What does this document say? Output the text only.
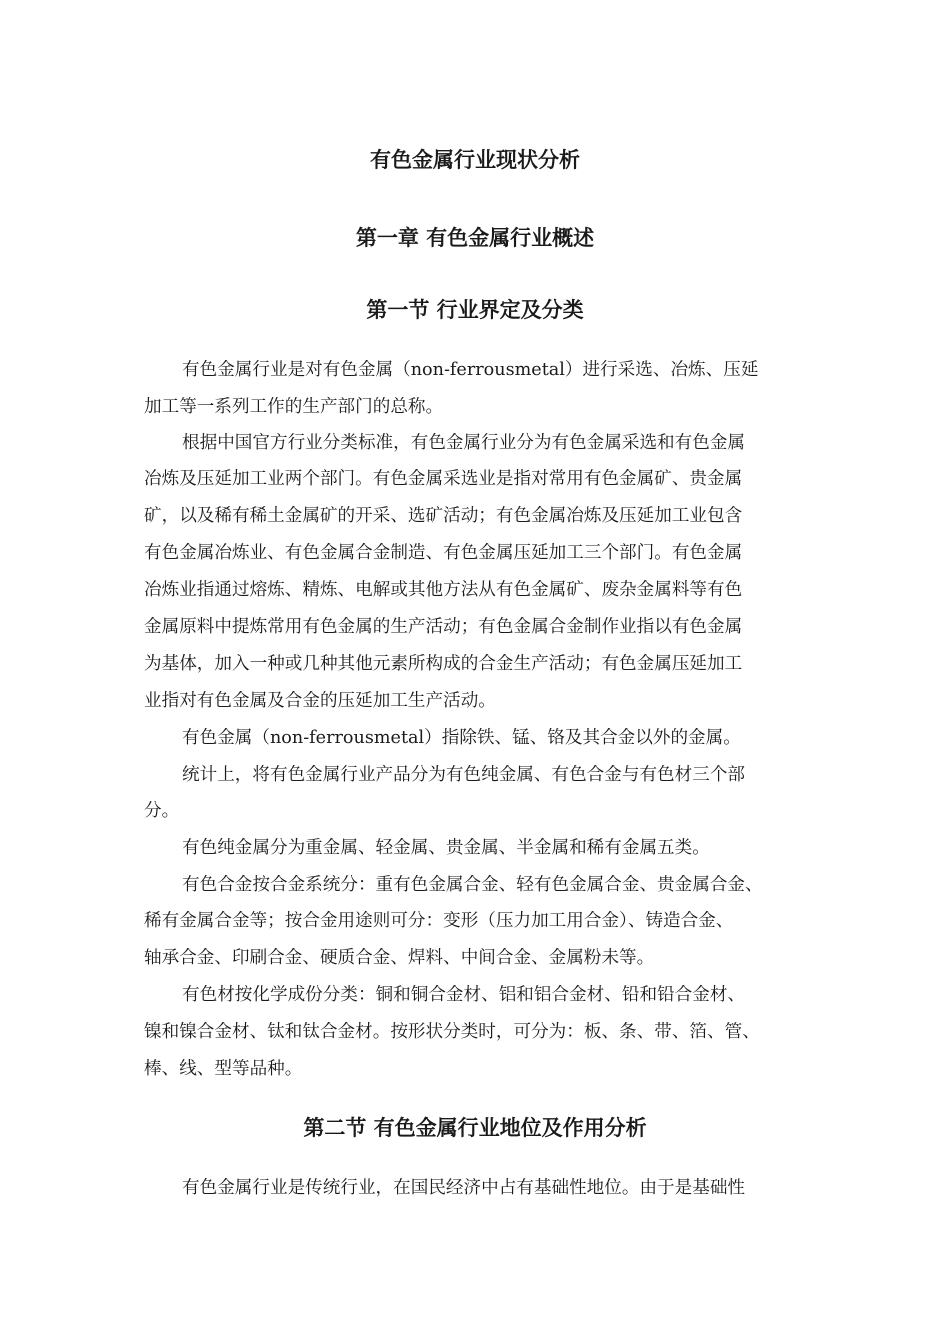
有色金属行业现状分析
第一章 有色金属行业概述
第一节 行业界定及分类

有色金属行业是对有色金属（non-ferrousmetal）进行采选、冶炼、压延

加工等一系列工作的生产部门的总称。

根据中国官方行业分类标准，有色金属行业分为有色金属采选和有色金属

冶炼及压延加工业两个部门。有色金属采选业是指对常用有色金属矿、贵金属

矿，以及稀有稀土金属矿的开采、选矿活动；有色金属冶炼及压延加工业包含

有色金属冶炼业、有色金属合金制造、有色金属压延加工三个部门。有色金属

冶炼业指通过熔炼、精炼、电解或其他方法从有色金属矿、废杂金属料等有色

金属原料中提炼常用有色金属的生产活动；有色金属合金制作业指以有色金属

为基体，加入一种或几种其他元素所构成的合金生产活动；有色金属压延加工

业指对有色金属及合金的压延加工生产活动。

有色金属（non-ferrousmetal）指除铁、锰、铬及其合金以外的金属。

统计上，将有色金属行业产品分为有色纯金属、有色合金与有色材三个部

分。

有色纯金属分为重金属、轻金属、贵金属、半金属和稀有金属五类。

有色合金按合金系统分：重有色金属合金、轻有色金属合金、贵金属合金、

稀有金属合金等；按合金用途则可分：变形（压力加工用合金）、铸造合金、

轴承合金、印刷合金、硬质合金、焊料、中间合金、金属粉未等。

有色材按化学成份分类：铜和铜合金材、铝和铝合金材、铅和铅合金材、

镍和镍合金材、钛和钛合金材。按形状分类时，可分为：板、条、带、箔、管、

棒、线、型等品种。

第二节 有色金属行业地位及作用分析

有色金属行业是传统行业，在国民经济中占有基础性地位。由于是基础性
